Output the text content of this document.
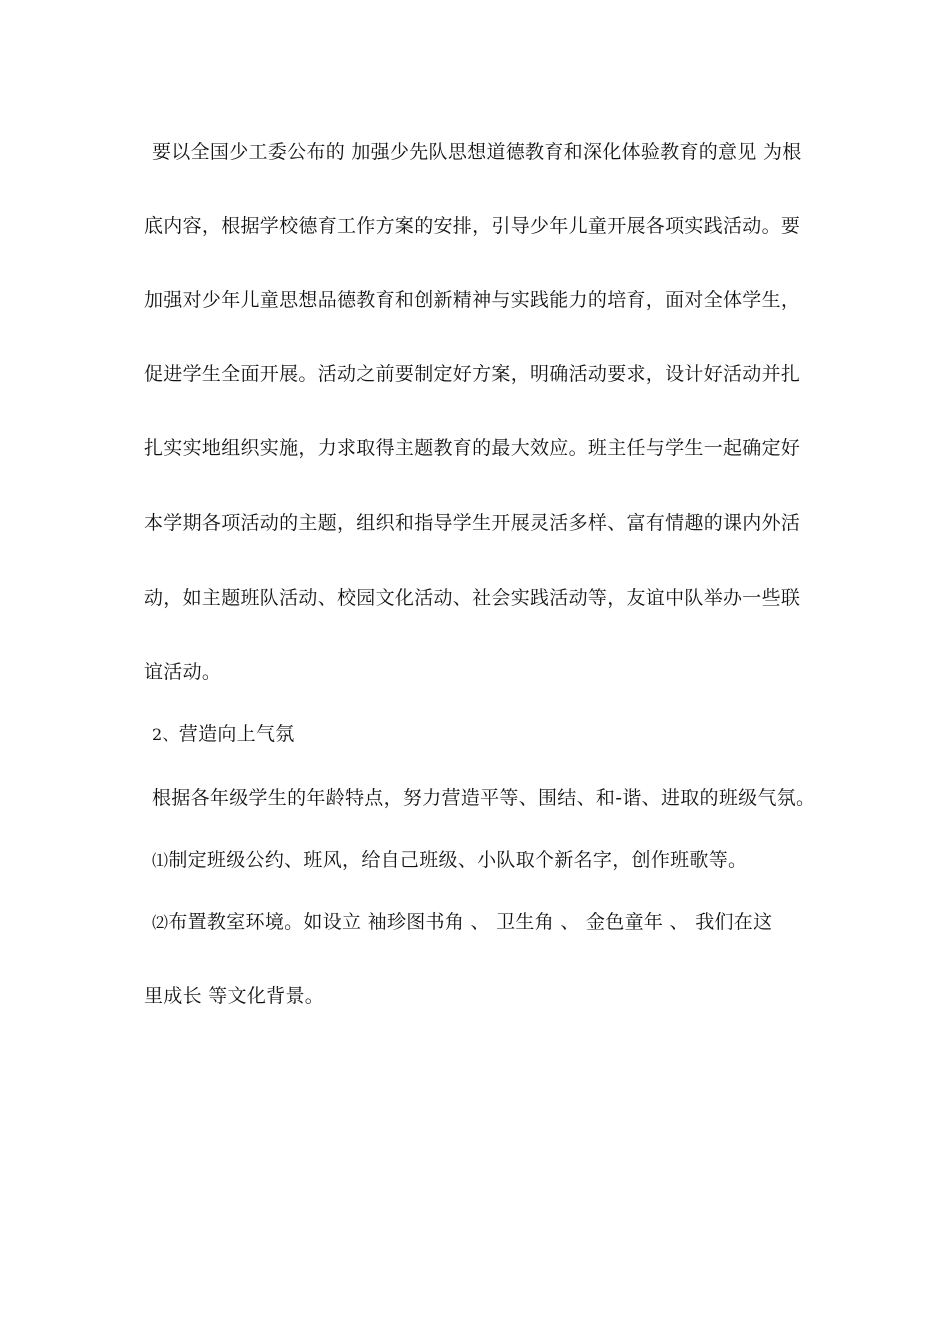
要以全国少工委公布的 加强少先队思想道德教育和深化体验教育的意见 为根
底内容，根据学校德育工作方案的安排，引导少年儿童开展各项实践活动。要
加强对少年儿童思想品德教育和创新精神与实践能力的培育，面对全体学生，
促进学生全面开展。活动之前要制定好方案，明确活动要求，设计好活动并扎
扎实实地组织实施，力求取得主题教育的最大效应。班主任与学生一起确定好
本学期各项活动的主题，组织和指导学生开展灵活多样、富有情趣的课内外活
动，如主题班队活动、校园文化活动、社会实践活动等，友谊中队举办一些联
谊活动。
2、营造向上气氛
根据各年级学生的年龄特点，努力营造平等、围结、和-谐、进取的班级气氛。
⑴制定班级公约、班风，给自己班级、小队取个新名字，创作班歌等。
⑵布置教室环境。如设立 袖珍图书角 、 卫生角 、 金色童年 、 我们在这
里成长 等文化背景。
